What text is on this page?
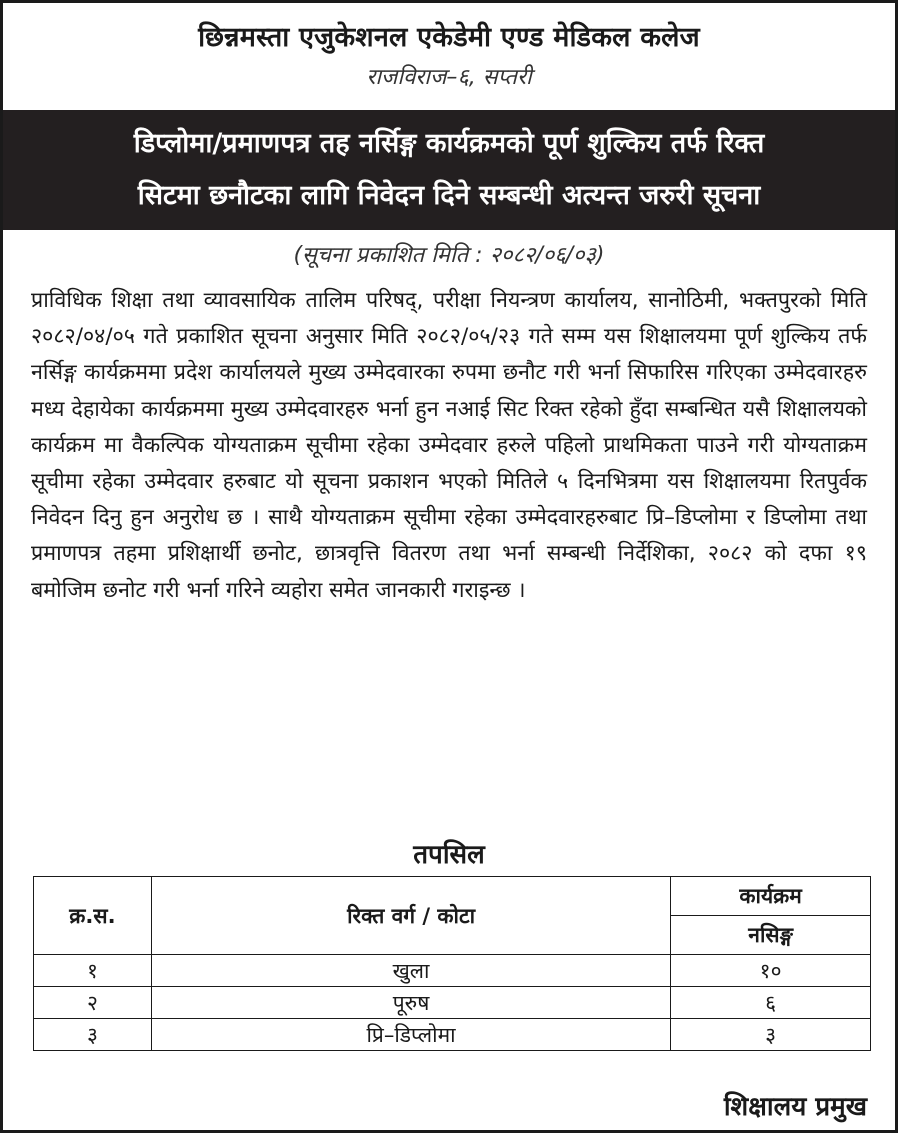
छिन्नमस्ता एजुकेशनल एकेडेमी एण्ड मेडिकल कलेज
राजविराज–६, सप्तरी
डिप्लोमा/प्रमाणपत्र तह नर्सिङ्ग कार्यक्रमको पूर्ण शुल्किय तर्फ रिक्त
सिटमा छनौटका लागि निवेदन दिने सम्बन्धी अत्यन्त जरुरी सूचना
(सूचना प्रकाशित मिति : २०८२/०६/०३)
प्राविधिक शिक्षा तथा व्यावसायिक तालिम परिषद्, परीक्षा नियन्त्रण कार्यालय, सानोठिमी, भक्तपुरको मिति २०८२/०४/०५ गते प्रकाशित सूचना अनुसार मिति २०८२/०५/२३ गते सम्म यस शिक्षालयमा पूर्ण शुल्किय तर्फ नर्सिङ्ग कार्यक्रममा प्रदेश कार्यालयले मुख्य उम्मेदवारका रुपमा छनौट गरी भर्ना सिफारिस गरिएका उम्मेदवारहरु मध्य देहायेका कार्यक्रममा मुख्य उम्मेदवारहरु भर्ना हुन नआई सिट रिक्त रहेको हुँदा सम्बन्धित यसै शिक्षालयको कार्यक्रम मा वैकल्पिक योग्यताक्रम सूचीमा रहेका उम्मेदवार हरुले पहिलो प्राथमिकता पाउने गरी योग्यताक्रम सूचीमा रहेका उम्मेदवार हरुबाट यो सूचना प्रकाशन भएको मितिले ५ दिनभित्रमा यस शिक्षालयमा रितपुर्वक निवेदन दिनु हुन अनुरोध छ । साथै योग्यताक्रम सूचीमा रहेका उम्मेदवारहरुबाट प्रि–डिप्लोमा र डिप्लोमा तथा प्रमाणपत्र तहमा प्रशिक्षार्थी छनोट, छात्रवृत्ति वितरण तथा भर्ना सम्बन्धी निर्देशिका, २०८२ को दफा १९ बमोजिम छनोट गरी भर्ना गरिने व्यहोरा समेत जानकारी गराइन्छ ।
तपसिल
क्र.स.	रिक्त वर्ग / कोटा	कार्यक्रम
		नसिङ्ग
१	खुला	१०
२	पूरुष	६
३	प्रि–डिप्लोमा	३
शिक्षालय प्रमुख
